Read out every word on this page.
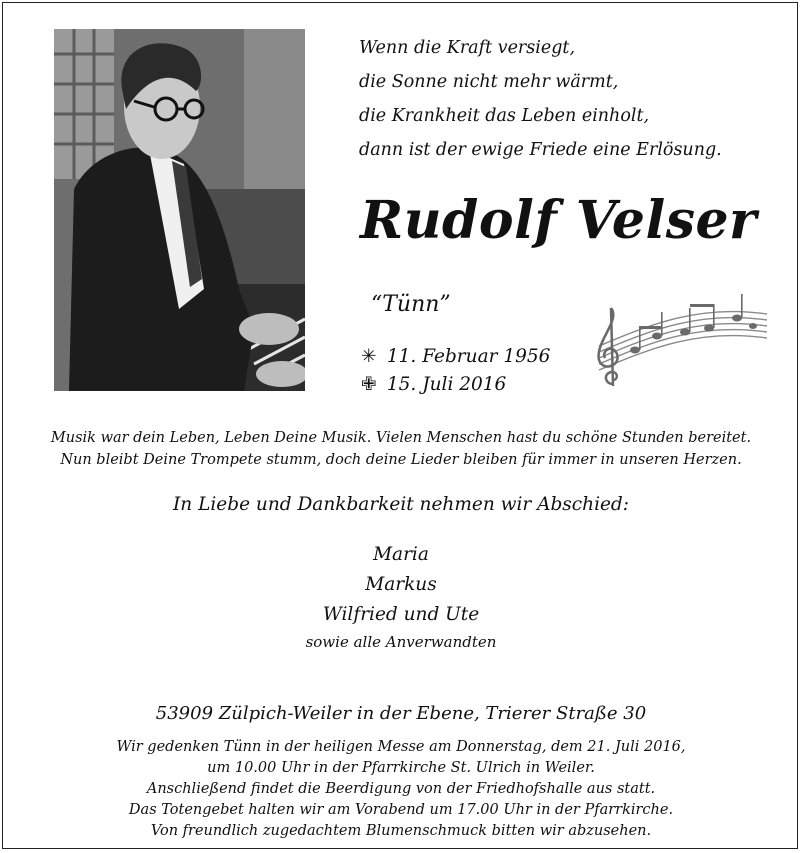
Wenn die Kraft versiegt,
die Sonne nicht mehr wärmt,
die Krankheit das Leben einholt,
dann ist der ewige Friede eine Erlösung.
Rudolf Velser
“Tünn”
✳ 11. Februar 1956
✙ 15. Juli 2016
Musik war dein Leben, Leben Deine Musik. Vielen Menschen hast du schöne Stunden bereitet.
Nun bleibt Deine Trompete stumm, doch deine Lieder bleiben für immer in unseren Herzen.
In Liebe und Dankbarkeit nehmen wir Abschied:
Maria
Markus
Wilfried und Ute
sowie alle Anverwandten
53909 Zülpich-Weiler in der Ebene, Trierer Straße 30
Wir gedenken Tünn in der heiligen Messe am Donnerstag, dem 21. Juli 2016,
um 10.00 Uhr in der Pfarrkirche St. Ulrich in Weiler.
Anschließend findet die Beerdigung von der Friedhofshalle aus statt.
Das Totengebet halten wir am Vorabend um 17.00 Uhr in der Pfarrkirche.
Von freundlich zugedachtem Blumenschmuck bitten wir abzusehen.
